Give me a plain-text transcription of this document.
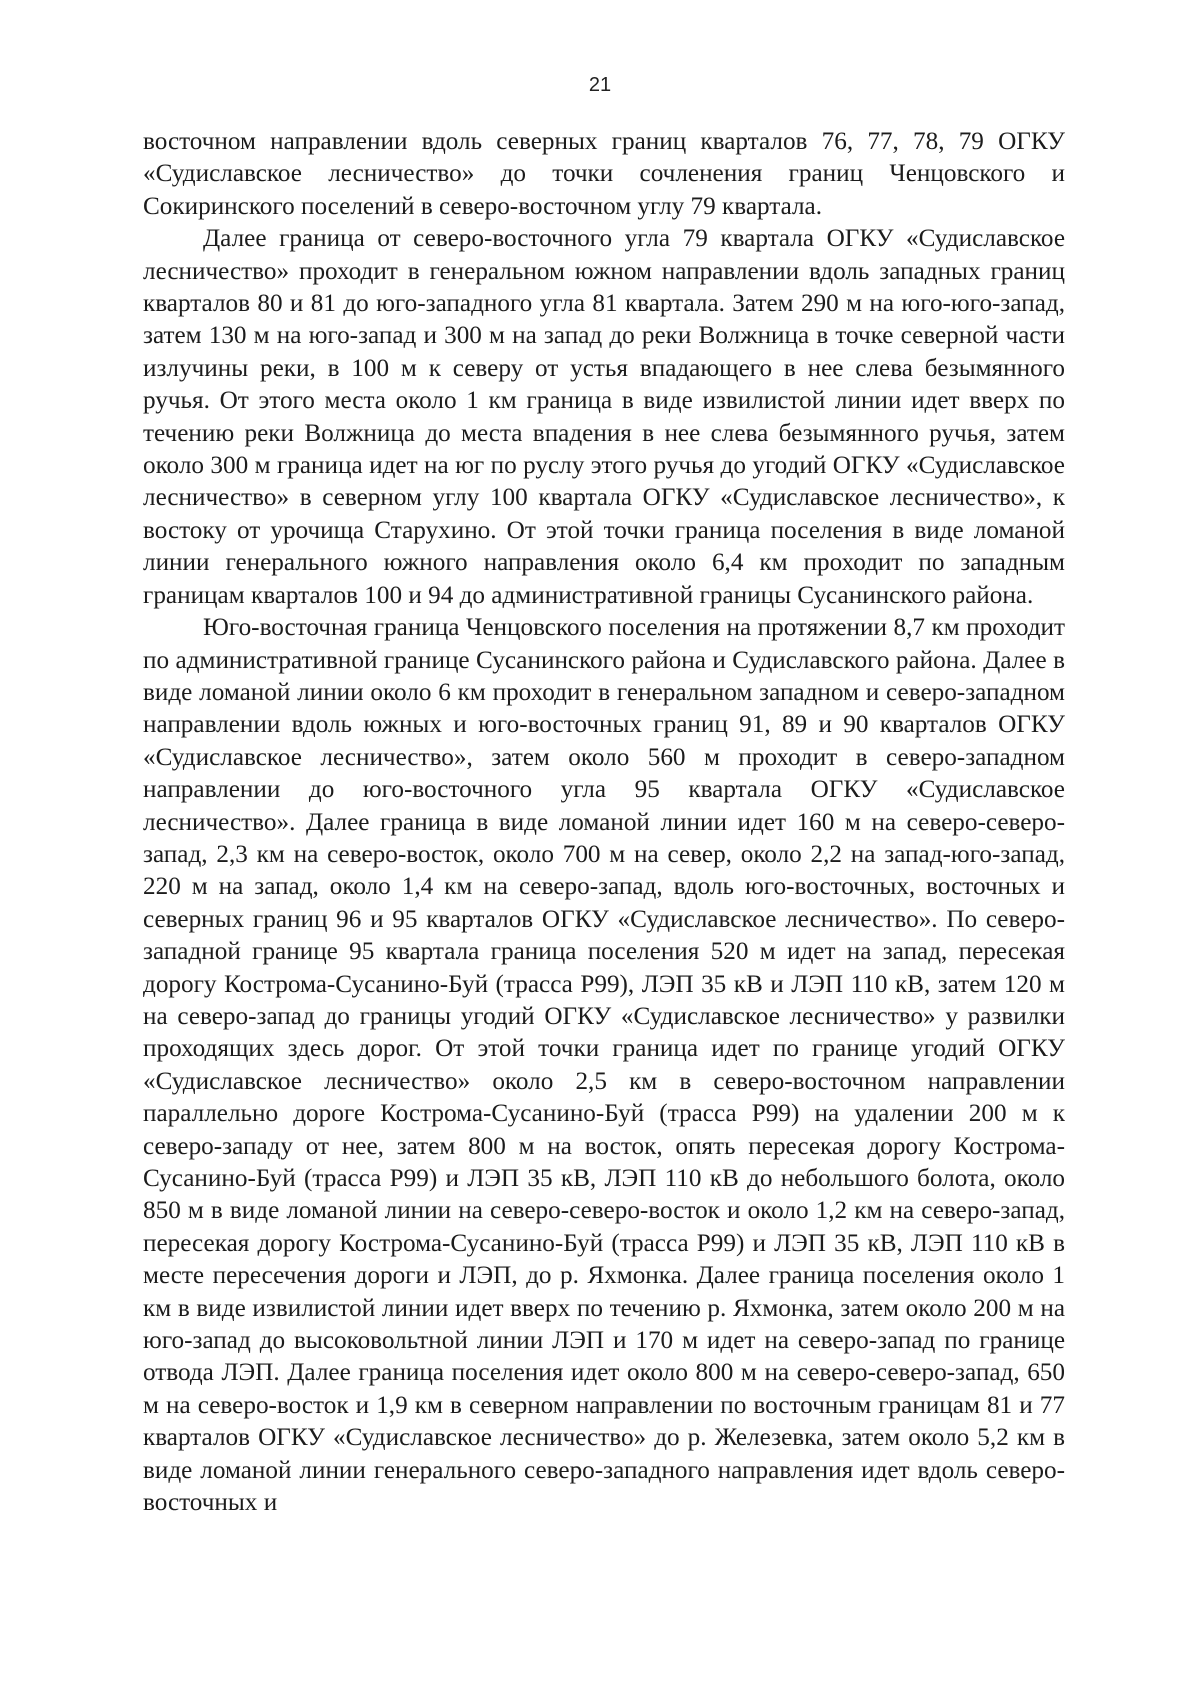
21

восточном направлении вдоль северных границ кварталов 76, 77, 78, 79 ОГКУ «Судиславское лесничество» до точки сочленения границ Ченцовского и Сокиринского поселений в северо-восточном углу 79 квартала.

Далее граница от северо-восточного угла 79 квартала ОГКУ «Судиславское лесничество» проходит в генеральном южном направлении вдоль западных границ кварталов 80 и 81 до юго-западного угла 81 квартала. Затем 290 м на юго-юго-запад, затем 130 м на юго-запад и 300 м на запад до реки Волжница в точке северной части излучины реки, в 100 м к северу от устья впадающего в нее слева безымянного ручья. От этого места около 1 км граница в виде извилистой линии идет вверх по течению реки Волжница до места впадения в нее слева безымянного ручья, затем около 300 м граница идет на юг по руслу этого ручья до угодий ОГКУ «Судиславское лесничество» в северном углу 100 квартала ОГКУ «Судиславское лесничество», к востоку от урочища Старухино. От этой точки граница поселения в виде ломаной линии генерального южного направления около 6,4 км проходит по западным границам кварталов 100 и 94 до административной границы Сусанинского района.

Юго-восточная граница Ченцовского поселения на протяжении 8,7 км проходит по административной границе Сусанинского района и Судиславского района. Далее в виде ломаной линии около 6 км проходит в генеральном западном и северо-западном направлении вдоль южных и юго-восточных границ 91, 89 и 90 кварталов ОГКУ «Судиславское лесничество», затем около 560 м проходит в северо-западном направлении до юго-восточного угла 95 квартала ОГКУ «Судиславское лесничество». Далее граница в виде ломаной линии идет 160 м на северо-северо-запад, 2,3 км на северо-восток, около 700 м на север, около 2,2 на запад-юго-запад, 220 м на запад, около 1,4 км на северо-запад, вдоль юго-восточных, восточных и северных границ 96 и 95 кварталов ОГКУ «Судиславское лесничество». По северо-западной границе 95 квартала граница поселения 520 м идет на запад, пересекая дорогу Кострома-Сусанино-Буй (трасса Р99), ЛЭП 35 кВ и ЛЭП 110 кВ, затем 120 м на северо-запад до границы угодий ОГКУ «Судиславское лесничество» у развилки проходящих здесь дорог. От этой точки граница идет по границе угодий ОГКУ «Судиславское лесничество» около 2,5 км в северо-восточном направлении параллельно дороге Кострома-Сусанино-Буй (трасса Р99) на удалении 200 м к северо-западу от нее, затем 800 м на восток, опять пересекая дорогу Кострома-Сусанино-Буй (трасса Р99) и ЛЭП 35 кВ, ЛЭП 110 кВ до небольшого болота, около 850 м в виде ломаной линии на северо-северо-восток и около 1,2 км на северо-запад, пересекая дорогу Кострома-Сусанино-Буй (трасса Р99) и ЛЭП 35 кВ, ЛЭП 110 кВ в месте пересечения дороги и ЛЭП, до р. Яхмонка. Далее граница поселения около 1 км в виде извилистой линии идет вверх по течению р. Яхмонка, затем около 200 м на юго-запад до высоковольтной линии ЛЭП и 170 м идет на северо-запад по границе отвода ЛЭП. Далее граница поселения идет около 800 м на северо-северо-запад, 650 м на северо-восток и 1,9 км в северном направлении по восточным границам 81 и 77 кварталов ОГКУ «Судиславское лесничество» до р. Железевка, затем около 5,2 км в виде ломаной линии генерального северо-западного направления идет вдоль северо-восточных и
